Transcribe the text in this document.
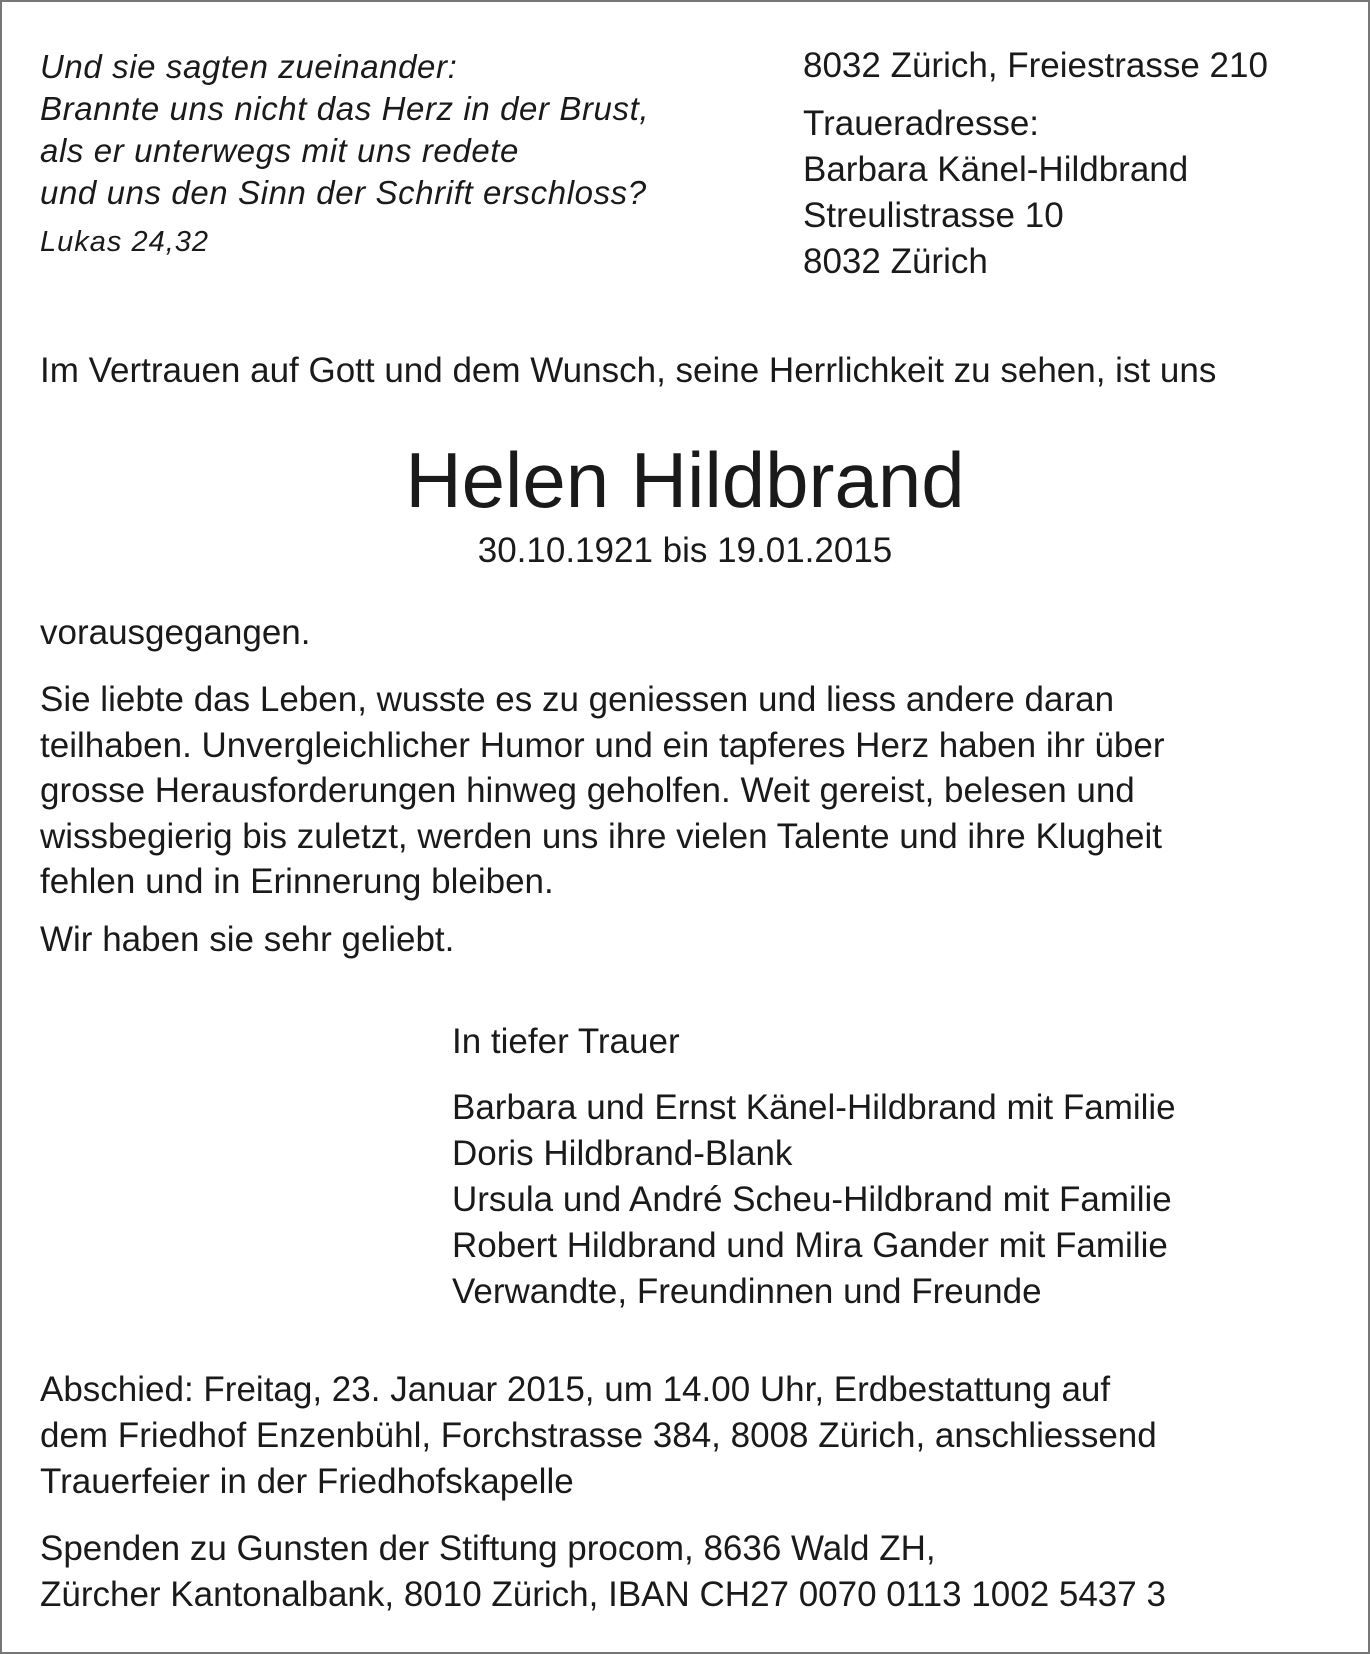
Und sie sagten zueinander:
Brannte uns nicht das Herz in der Brust,
als er unterwegs mit uns redete
und uns den Sinn der Schrift erschloss?
Lukas 24,32
8032 Zürich, Freiestrasse 210
Traueradresse:
Barbara Känel-Hildbrand
Streulistrasse 10
8032 Zürich
Im Vertrauen auf Gott und dem Wunsch, seine Herrlichkeit zu sehen, ist uns
Helen Hildbrand
30.10.1921 bis 19.01.2015
vorausgegangen.
Sie liebte das Leben, wusste es zu geniessen und liess andere daran
teilhaben. Unvergleichlicher Humor und ein tapferes Herz haben ihr über
grosse Herausforderungen hinweg geholfen. Weit gereist, belesen und
wissbegierig bis zuletzt, werden uns ihre vielen Talente und ihre Klugheit
fehlen und in Erinnerung bleiben.
Wir haben sie sehr geliebt.
In tiefer Trauer
Barbara und Ernst Känel-Hildbrand mit Familie
Doris Hildbrand-Blank
Ursula und André Scheu-Hildbrand mit Familie
Robert Hildbrand und Mira Gander mit Familie
Verwandte, Freundinnen und Freunde
Abschied: Freitag, 23. Januar 2015, um 14.00 Uhr, Erdbestattung auf
dem Friedhof Enzenbühl, Forchstrasse 384, 8008 Zürich, anschliessend
Trauerfeier in der Friedhofskapelle
Spenden zu Gunsten der Stiftung procom, 8636 Wald ZH,
Zürcher Kantonalbank, 8010 Zürich, IBAN CH27 0070 0113 1002 5437 3
